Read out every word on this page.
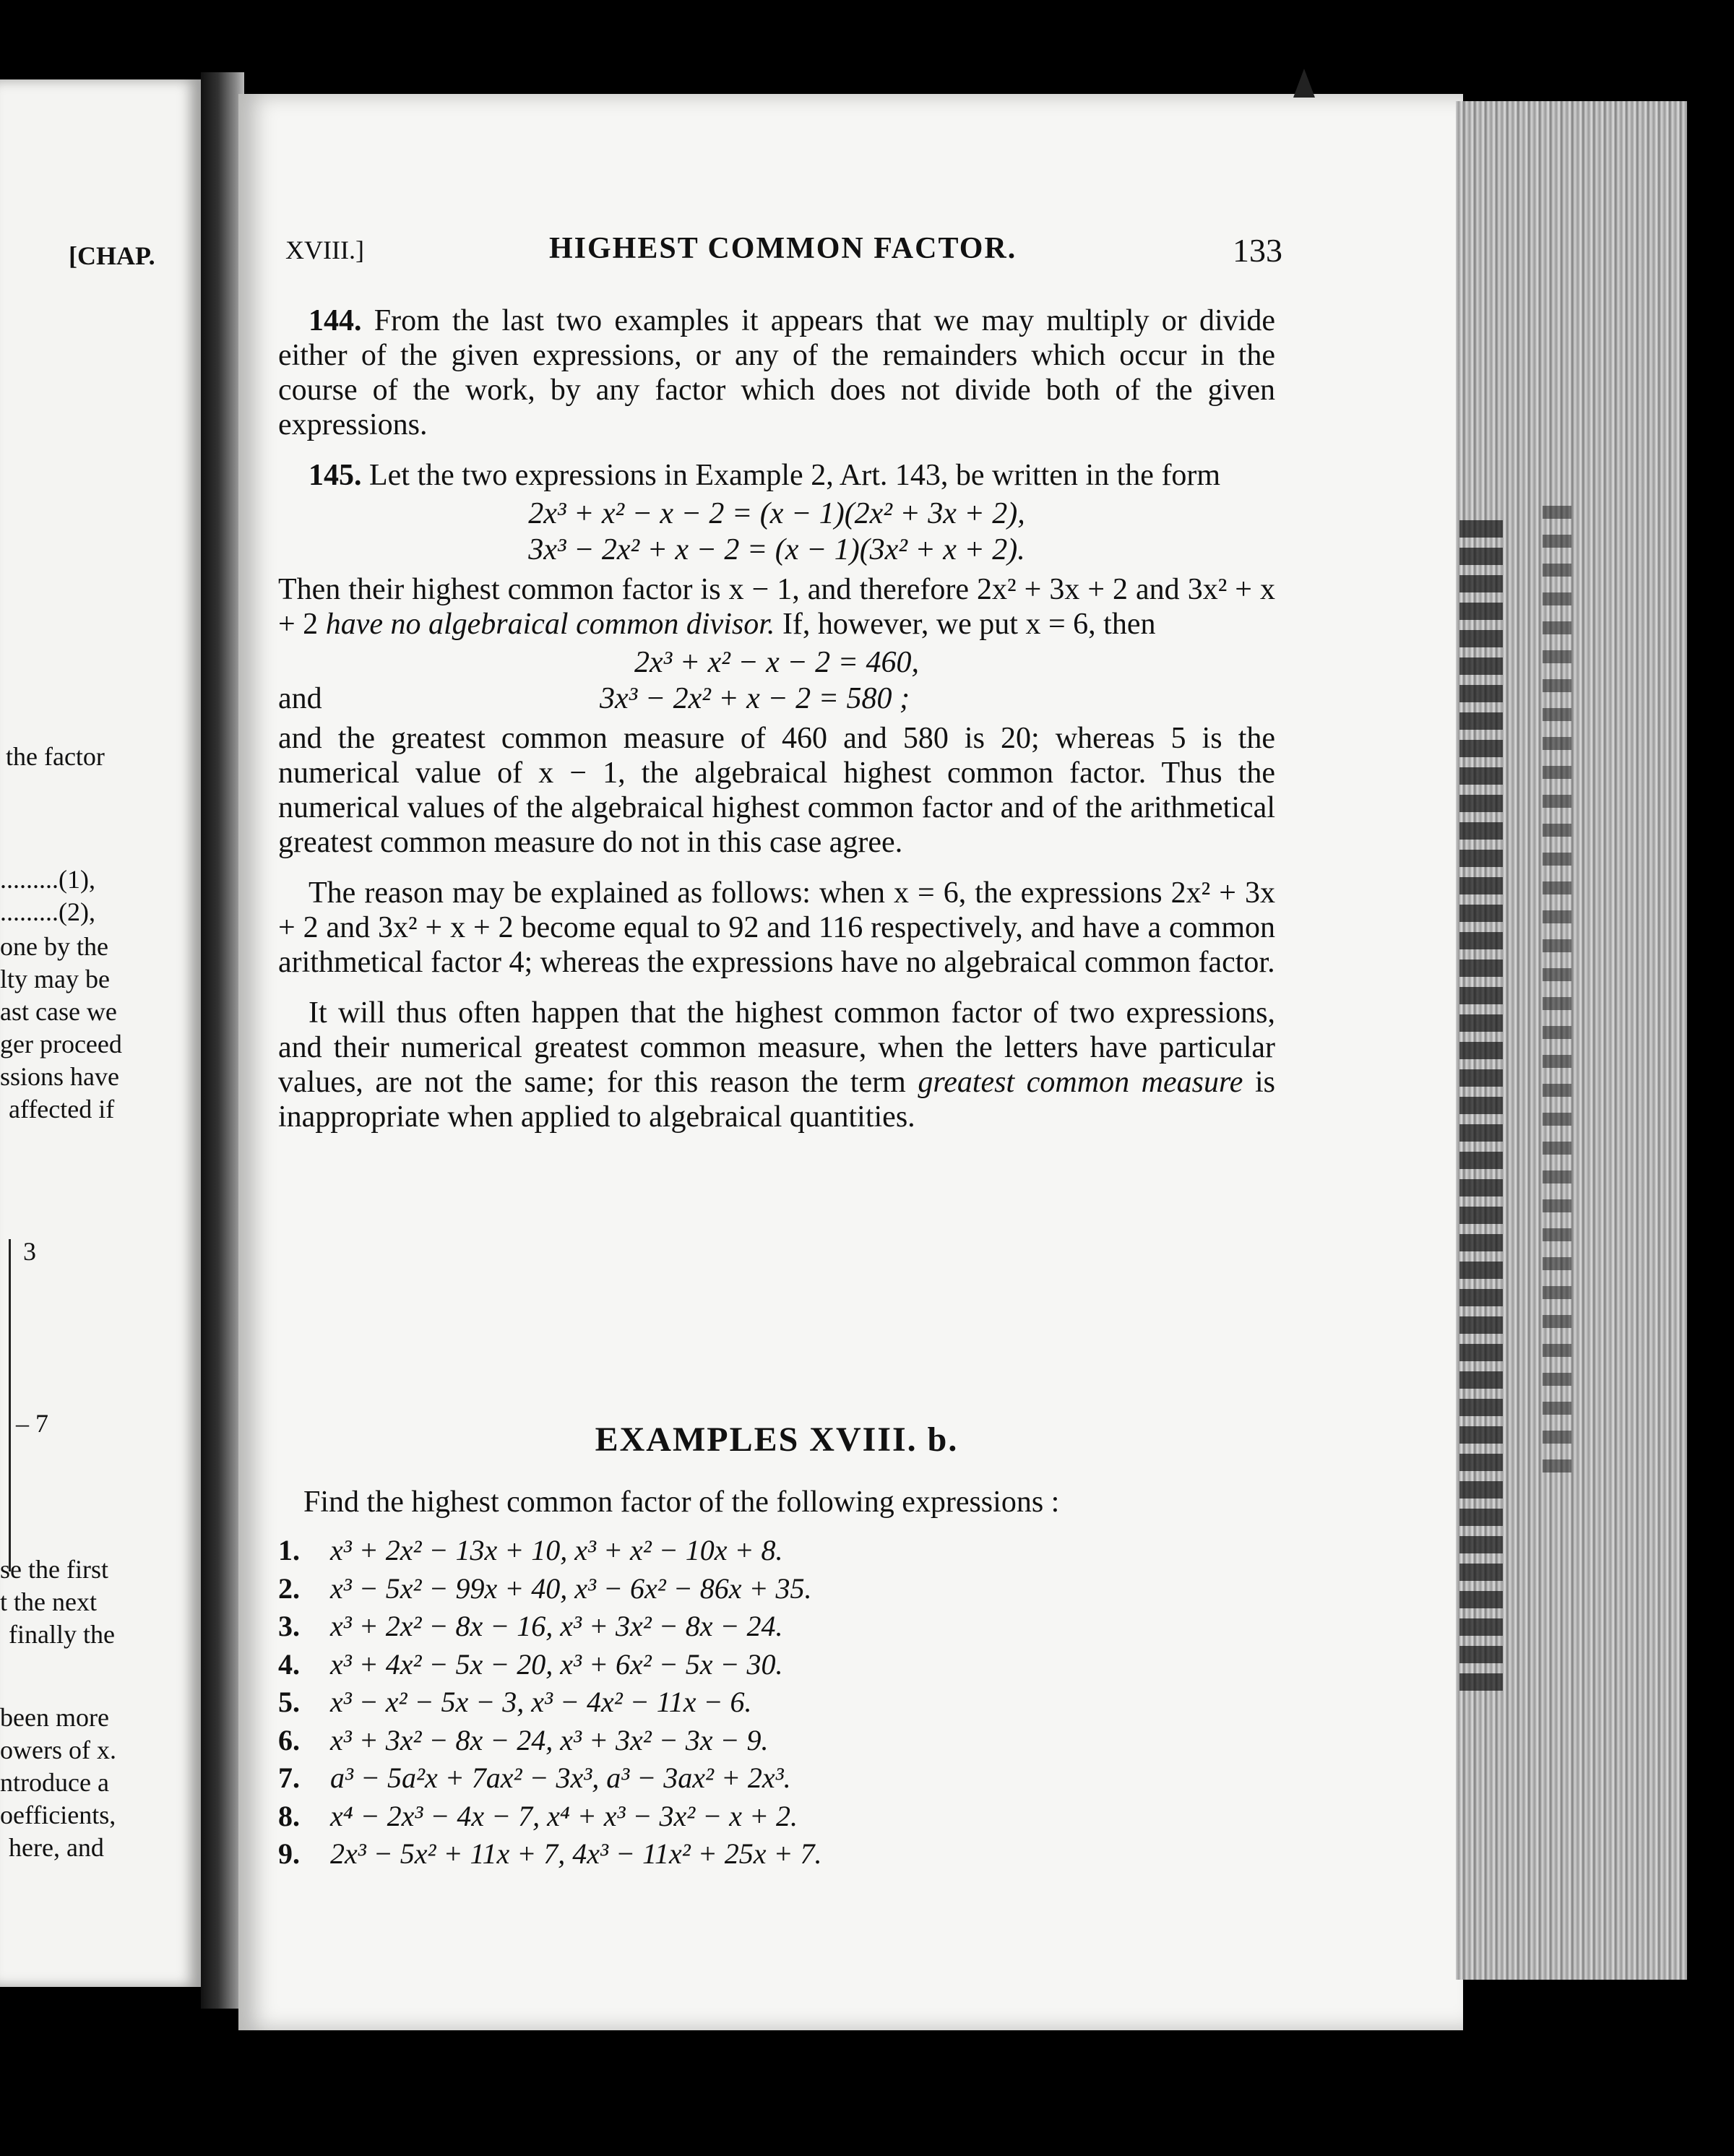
[CHAP.
the factor
.........(1),
.........(2),
one by the
lty may be
ast case we
ger proceed
ssions have
affected if
3
– 7
se the first
t the next
finally the
been more
owers of x.
ntroduce a
oefficients,
here, and
XVIII.]	HIGHEST COMMON FACTOR.	133

144. From the last two examples it appears that we may multiply or divide either of the given expressions, or any of the remainders which occur in the course of the work, by any factor which does not divide both of the given expressions.

145. Let the two expressions in Example 2, Art. 143, be written in the form

2x³ + x² − x − 2 = (x − 1)(2x² + 3x + 2),
3x³ − 2x² + x − 2 = (x − 1)(3x² + x + 2).

Then their highest common factor is x − 1, and therefore 2x² + 3x + 2 and 3x² + x + 2 have no algebraical common divisor. If, however, we put x = 6, then

2x³ + x² − x − 2 = 460,
and	3x³ − 2x² + x − 2 = 580 ;

and the greatest common measure of 460 and 580 is 20; whereas 5 is the numerical value of x − 1, the algebraical highest common factor. Thus the numerical values of the algebraical highest common factor and of the arithmetical greatest common measure do not in this case agree.

The reason may be explained as follows: when x = 6, the expressions 2x² + 3x + 2 and 3x² + x + 2 become equal to 92 and 116 respectively, and have a common arithmetical factor 4; whereas the expressions have no algebraical common factor.

It will thus often happen that the highest common factor of two expressions, and their numerical greatest common measure, when the letters have particular values, are not the same; for this reason the term greatest common measure is inappropriate when applied to algebraical quantities.

EXAMPLES XVIII. b.
Find the highest common factor of the following expressions :
1.	x³ + 2x² − 13x + 10, x³ + x² − 10x + 8.
2.	x³ − 5x² − 99x + 40, x³ − 6x² − 86x + 35.
3.	x³ + 2x² − 8x − 16, x³ + 3x² − 8x − 24.
4.	x³ + 4x² − 5x − 20, x³ + 6x² − 5x − 30.
5.	x³ − x² − 5x − 3, x³ − 4x² − 11x − 6.
6.	x³ + 3x² − 8x − 24, x³ + 3x² − 3x − 9.
7.	a³ − 5a²x + 7ax² − 3x³, a³ − 3ax² + 2x³.
8.	x⁴ − 2x³ − 4x − 7, x⁴ + x³ − 3x² − x + 2.
9.	2x³ − 5x² + 11x + 7, 4x³ − 11x² + 25x + 7.
